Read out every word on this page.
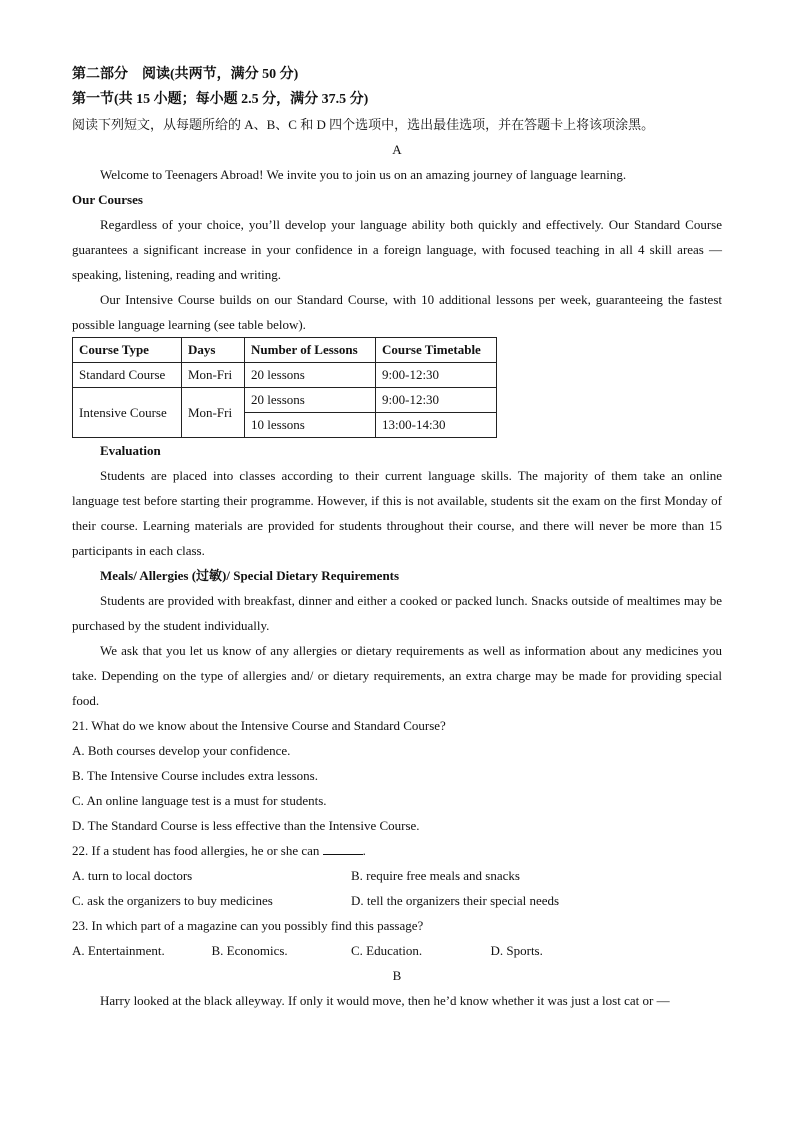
第二部分　阅读(共两节，满分 50 分)
第一节(共 15 小题；每小题 2.5 分，满分 37.5 分)
阅读下列短文，从每题所给的 A、B、C 和 D 四个选项中，选出最佳选项，并在答题卡上将该项涂黑。
A
Welcome to Teenagers Abroad! We invite you to join us on an amazing journey of language learning.
Our Courses
Regardless of your choice, you’ll develop your language ability both quickly and effectively. Our Standard Course guarantees a significant increase in your confidence in a foreign language, with focused teaching in all 4 skill areas — speaking, listening, reading and writing.
Our Intensive Course builds on our Standard Course, with 10 additional lessons per week, guaranteeing the fastest possible language learning (see table below).
Course Type	Days	Number of Lessons	Course Timetable
Standard Course	Mon-Fri	20 lessons	9:00-12:30
Intensive Course	Mon-Fri	20 lessons	9:00-12:30
		10 lessons	13:00-14:30
Evaluation
Students are placed into classes according to their current language skills. The majority of them take an online language test before starting their programme. However, if this is not available, students sit the exam on the first Monday of their course. Learning materials are provided for students throughout their course, and there will never be more than 15 participants in each class.
Meals/ Allergies (过敏)/ Special Dietary Requirements
Students are provided with breakfast, dinner and either a cooked or packed lunch. Snacks outside of mealtimes may be purchased by the student individually.
We ask that you let us know of any allergies or dietary requirements as well as information about any medicines you take. Depending on the type of allergies and/ or dietary requirements, an extra charge may be made for providing special food.
21. What do we know about the Intensive Course and Standard Course?
A. Both courses develop your confidence.
B. The Intensive Course includes extra lessons.
C. An online language test is a must for students.
D. The Standard Course is less effective than the Intensive Course.
22. If a student has food allergies, he or she can	.
A. turn to local doctors	B. require free meals and snacks
C. ask the organizers to buy medicines	D. tell the organizers their special needs
23. In which part of a magazine can you possibly find this passage?
A. Entertainment.	B. Economics.	C. Education.	D. Sports.
B
Harry looked at the black alleyway. If only it would move, then he’d know whether it was just a lost cat or —
